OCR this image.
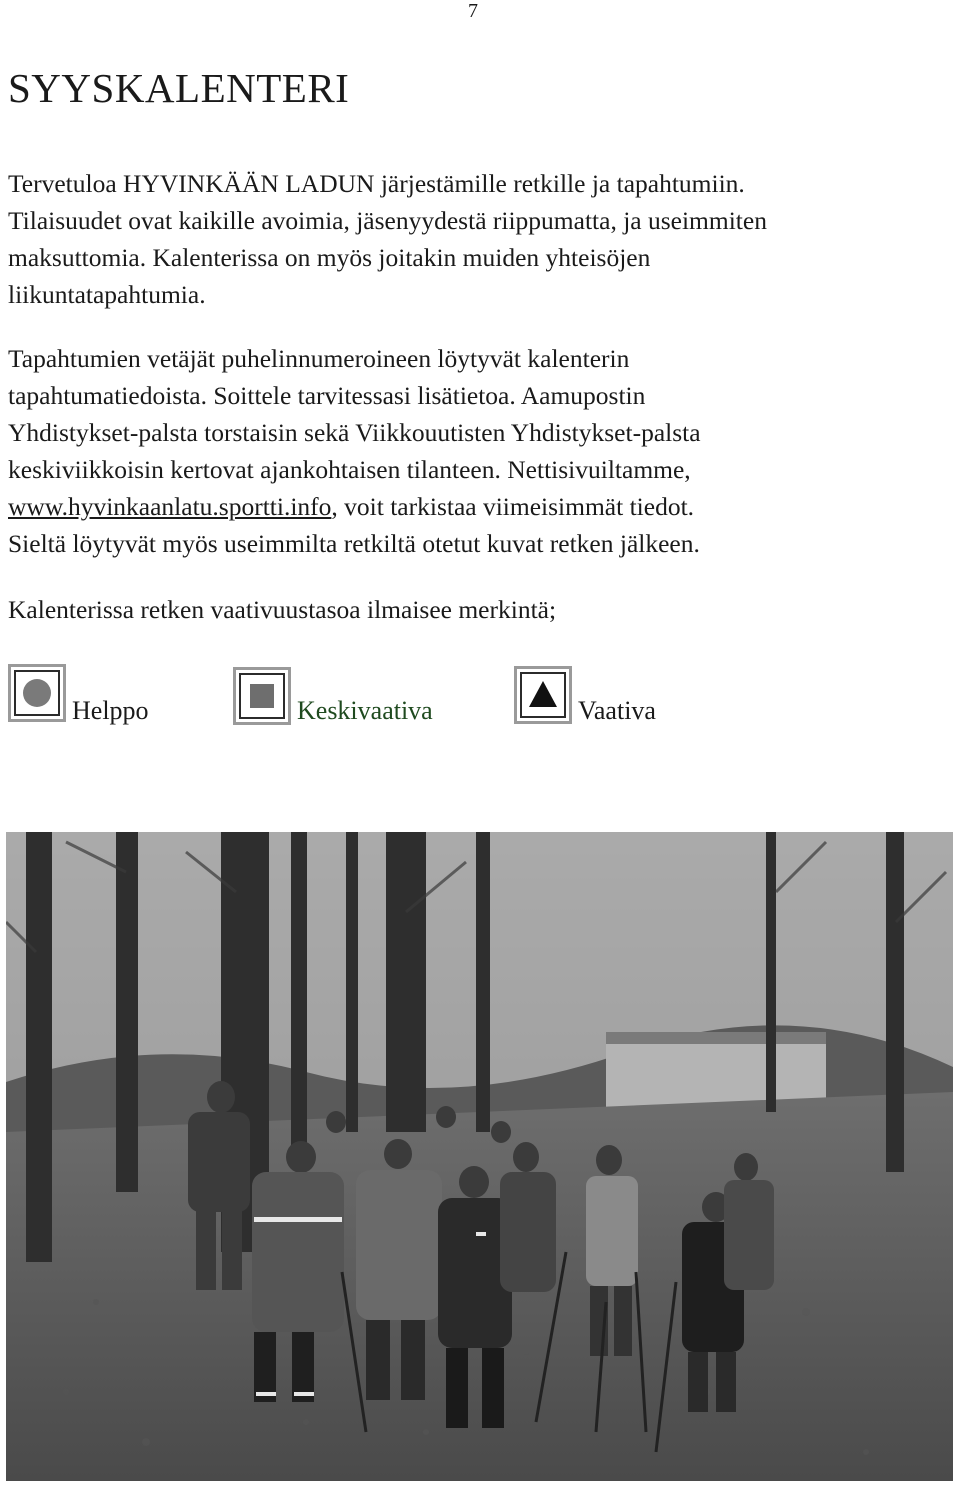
7
SYYSKALENTERI
Tervetuloa HYVINKÄÄN LADUN järjestämille retkille ja tapahtumiin.
Tilaisuudet ovat kaikille avoimia, jäsenyydestä riippumatta, ja useimmiten
maksuttomia. Kalenterissa on myös joitakin muiden yhteisöjen
liikuntatapahtumia.
Tapahtumien vetäjät puhelinnumeroineen löytyvät kalenterin
tapahtumatiedoista. Soittele tarvitessasi lisätietoa. Aamupostin
Yhdistykset-palsta torstaisin sekä Viikkouutisten Yhdistykset-palsta
keskiviikkoisin kertovat ajankohtaisen tilanteen. Nettisivuiltamme,
www.hyvinkaanlatu.sportti.info, voit tarkistaa viimeisimmät tiedot.
Sieltä löytyvät myös useimmilta retkiltä otetut kuvat retken jälkeen.
Kalenterissa retken vaativuustasoa ilmaisee merkintä;
Helppo	Keskivaativa	Vaativa
